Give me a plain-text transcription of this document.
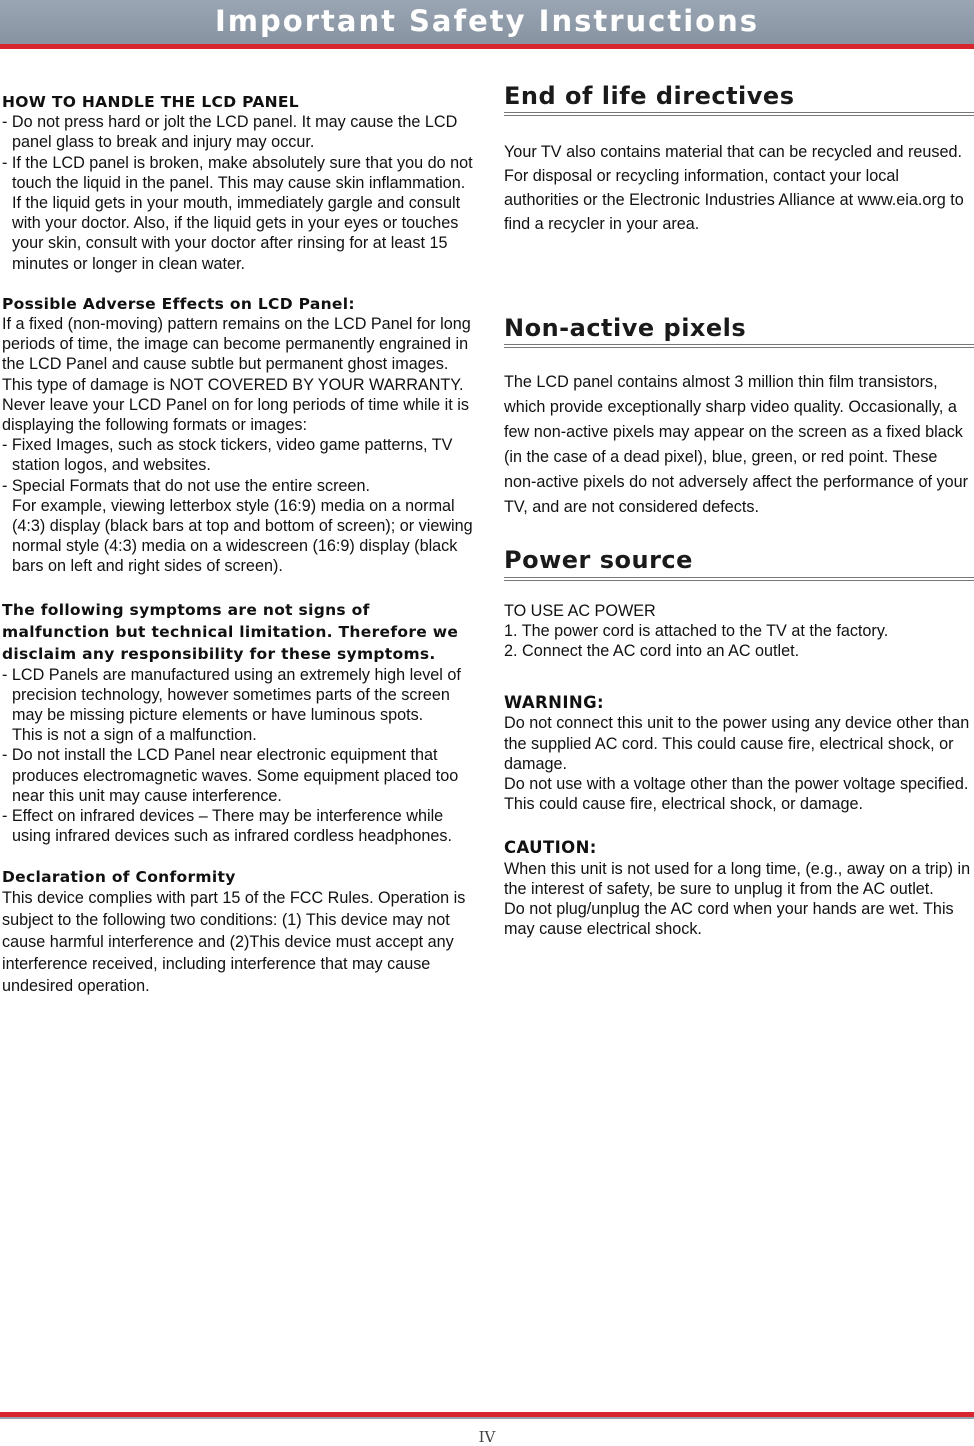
Important Safety Instructions

HOW TO HANDLE THE LCD PANEL

- Do not press hard or jolt the LCD panel. It may cause the LCD panel glass to break and injury may occur.

- If the LCD panel is broken, make absolutely sure that you do not touch the liquid in the panel. This may cause skin inflammation.

If the liquid gets in your mouth, immediately gargle and consult with your doctor. Also, if the liquid gets in your eyes or touches your skin, consult with your doctor after rinsing for at least 15 minutes or longer in clean water.

Possible Adverse Effects on LCD Panel:

If a fixed (non-moving) pattern remains on the LCD Panel for long periods of time, the image can become permanently engrained in the LCD Panel and cause subtle but permanent ghost images. This type of damage is NOT COVERED BY YOUR WARRANTY.

Never leave your LCD Panel on for long periods of time while it is displaying the following formats or images:

- Fixed Images, such as stock tickers, video game patterns, TV station logos, and websites.

- Special Formats that do not use the entire screen.

For example, viewing letterbox style (16:9) media on a normal (4:3) display (black bars at top and bottom of screen); or viewing normal style (4:3) media on a widescreen (16:9) display (black bars on left and right sides of screen).

The following symptoms are not signs of malfunction but technical limitation. Therefore we disclaim any responsibility for these symptoms.

- LCD Panels are manufactured using an extremely high level of precision technology, however sometimes parts of the screen may be missing picture elements or have luminous spots.

This is not a sign of a malfunction.

- Do not install the LCD Panel near electronic equipment that produces electromagnetic waves. Some equipment placed too near this unit may cause interference.

- Effect on infrared devices – There may be interference while using infrared devices such as infrared cordless headphones.

Declaration of Conformity

This device complies with part 15 of the FCC Rules. Operation is subject to the following two conditions: (1) This device may not cause harmful interference and (2)This device must accept any interference received, including interference that may cause undesired operation.

End of life directives

Your TV also contains material that can be recycled and reused. For disposal or recycling information, contact your local authorities or the Electronic Industries Alliance at www.eia.org to find a recycler in your area.

Non-active pixels

The LCD panel contains almost 3 million thin film transistors, which provide exceptionally sharp video quality. Occasionally, a few non-active pixels may appear on the screen as a fixed black (in the case of a dead pixel), blue, green, or red point. These non-active pixels do not adversely affect the performance of your TV, and are not considered defects.

Power source

TO USE AC POWER

1. The power cord is attached to the TV at the factory.

2. Connect the AC cord into an AC outlet.

WARNING:

Do not connect this unit to the power using any device other than the supplied AC cord. This could cause fire, electrical shock, or damage.

Do not use with a voltage other than the power voltage specified. This could cause fire, electrical shock, or damage.

CAUTION:

When this unit is not used for a long time, (e.g., away on a trip) in the interest of safety, be sure to unplug it from the AC outlet.

Do not plug/unplug the AC cord when your hands are wet. This may cause electrical shock.

IV
